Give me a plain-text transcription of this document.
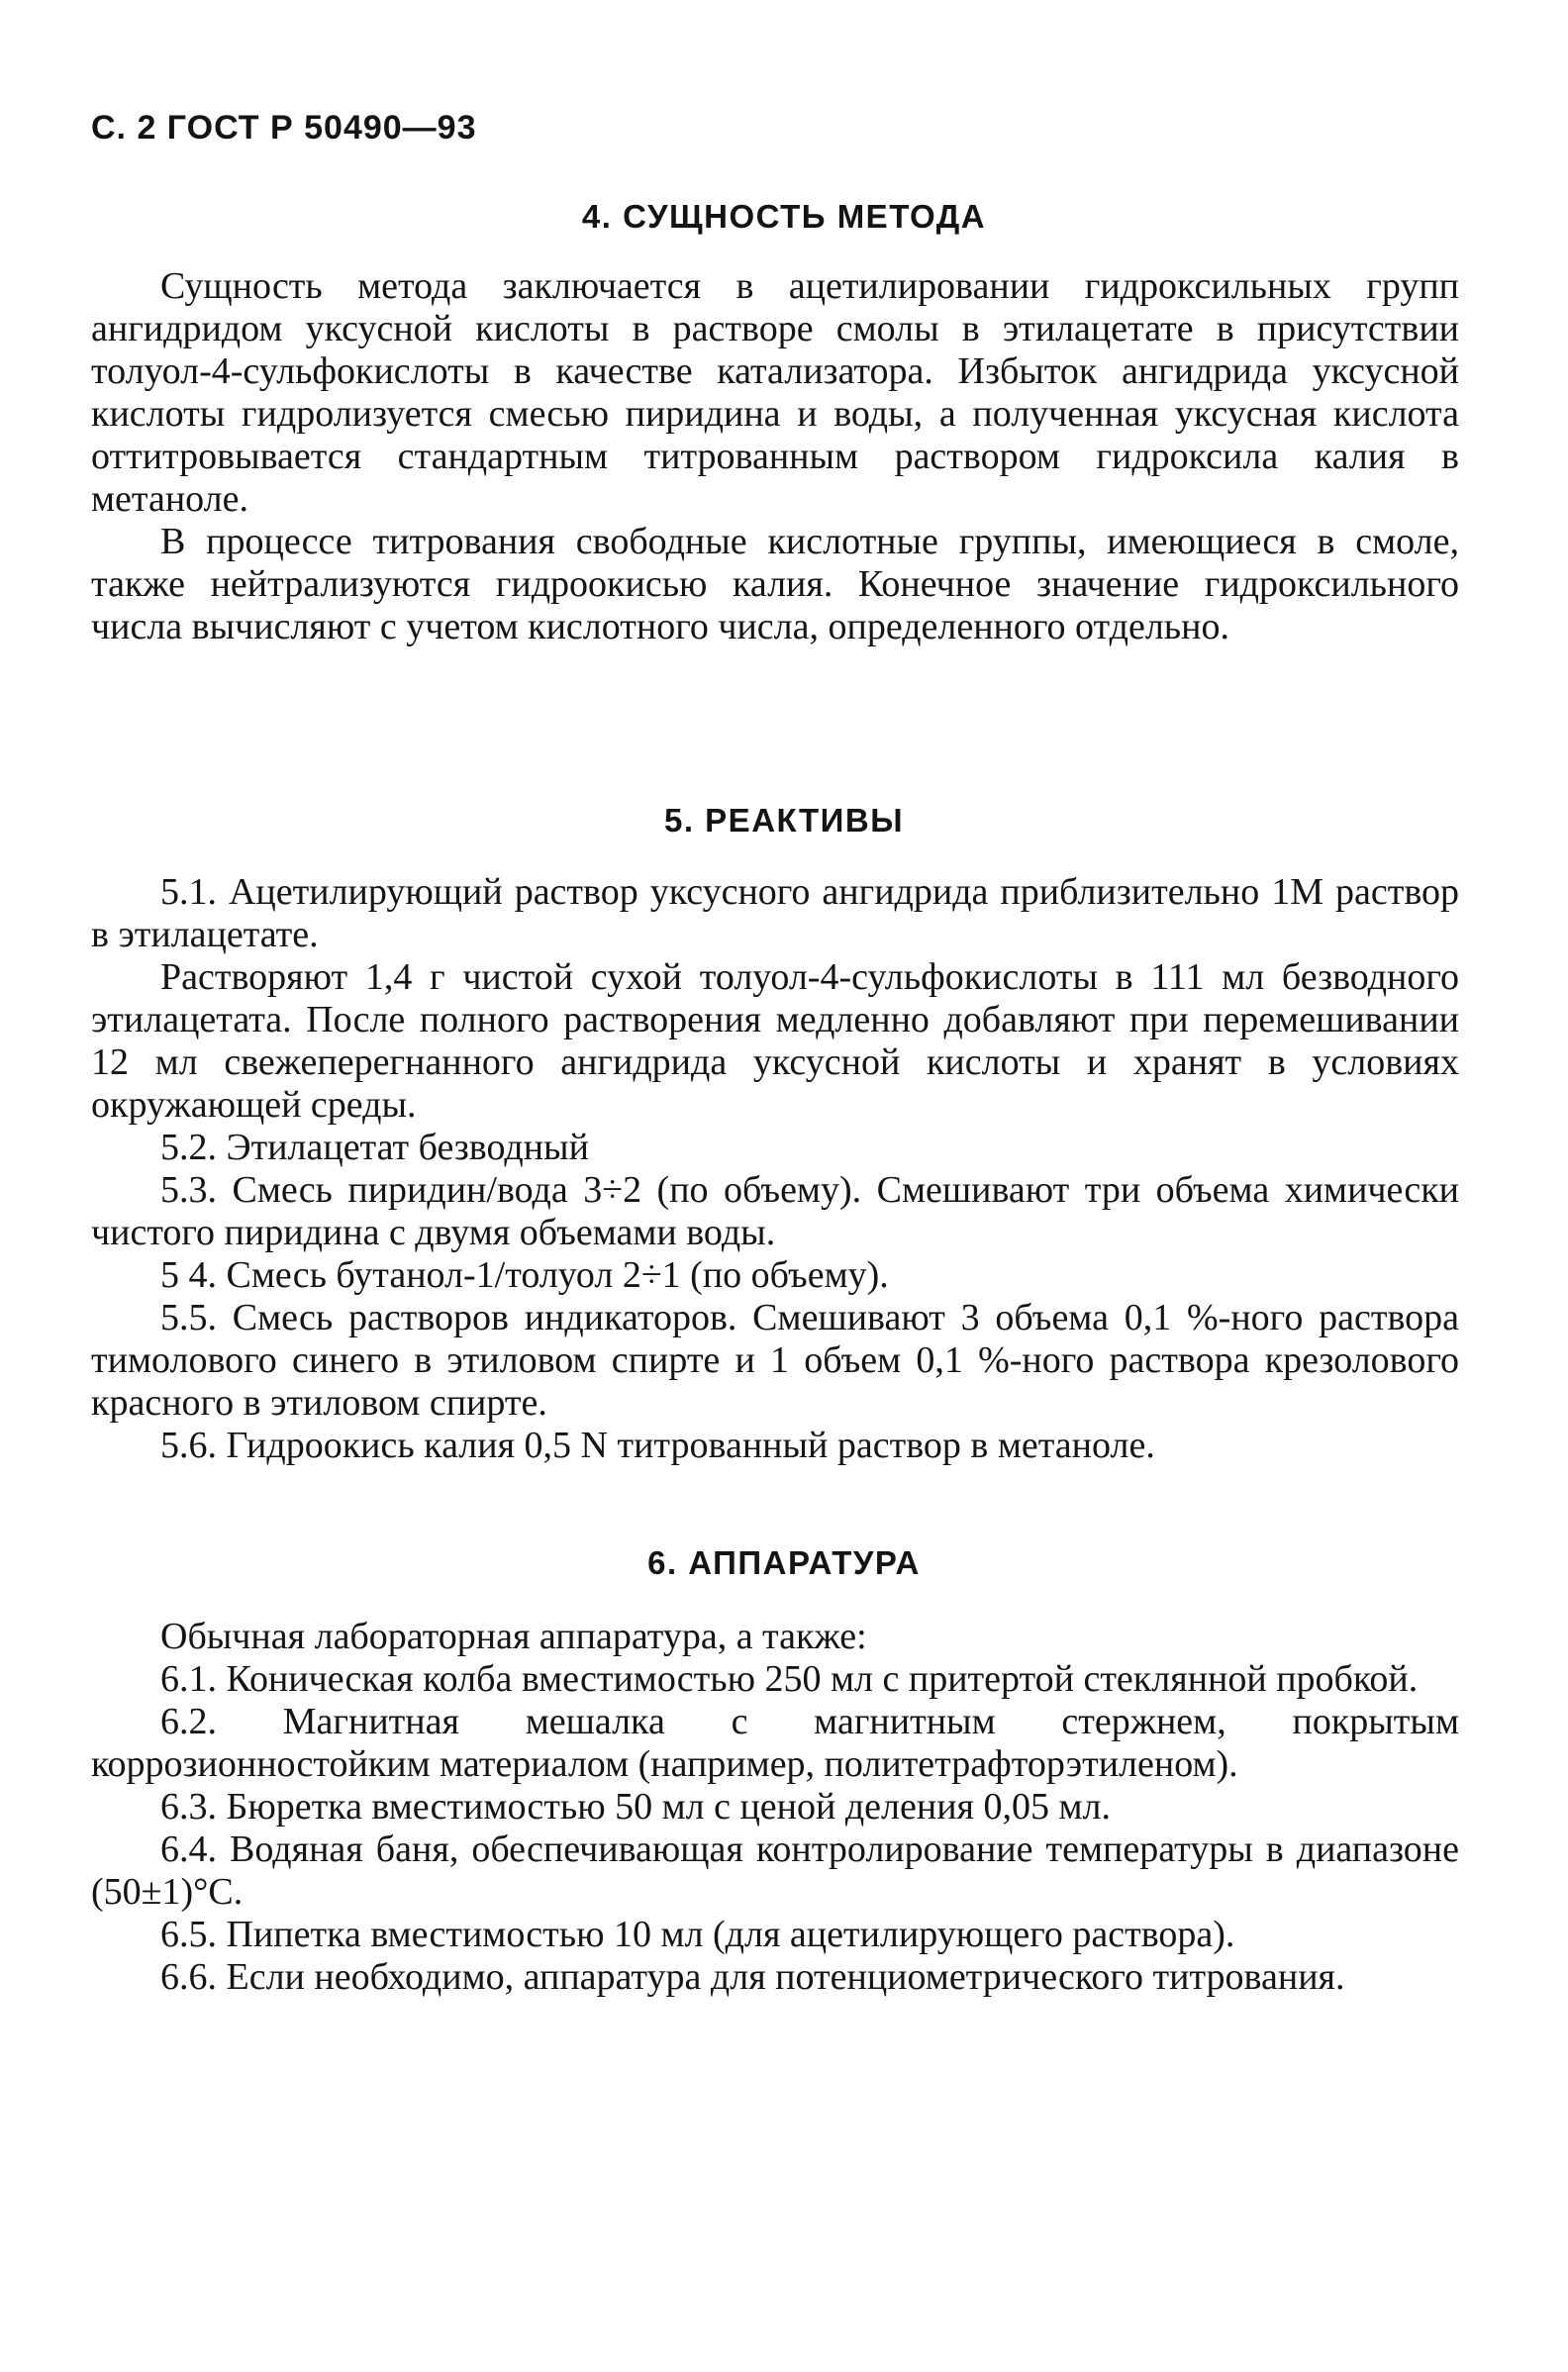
С. 2 ГОСТ Р 50490—93
4. СУЩНОСТЬ МЕТОДА

Сущность метода заключается в ацетилировании гидроксильных групп ангидридом уксусной кислоты в растворе смолы в этилацетате в присутствии толуол-4-сульфокислоты в качестве катализатора. Избыток ангидрида уксусной кислоты гидролизуется смесью пиридина и воды, а полученная уксусная кислота оттитровывается стандартным титрованным раствором гидроксила калия в метаноле.

В процессе титрования свободные кислотные группы, имеющиеся в смоле, также нейтрализуются гидроокисью калия. Конечное значение гидроксильного числа вычисляют с учетом кислотного числа, определенного отдельно.

5. РЕАКТИВЫ

5.1. Ацетилирующий раствор уксусного ангидрида приблизительно 1М раствор в этилацетате.

Растворяют 1,4 г чистой сухой толуол-4-сульфокислоты в 111 мл безводного этилацетата. После полного растворения медленно добавляют при перемешивании 12 мл свежеперегнанного ангидрида уксусной кислоты и хранят в условиях окружающей среды.

5.2. Этилацетат безводный

5.3. Смесь пиридин/вода 3÷2 (по объему). Смешивают три объема химически чистого пиридина с двумя объемами воды.

5 4. Смесь бутанол-1/толуол 2÷1 (по объему).

5.5. Смесь растворов индикаторов. Смешивают 3 объема 0,1 %-ного раствора тимолового синего в этиловом спирте и 1 объем 0,1 %-ного раствора крезолового красного в этиловом спирте.

5.6. Гидроокись калия 0,5 N титрованный раствор в метаноле.

6. АППАРАТУРА

Обычная лабораторная аппаратура, а также:

6.1. Коническая колба вместимостью 250 мл с притертой стеклянной пробкой.

6.2. Магнитная мешалка с магнитным стержнем, покрытым коррозионностойким материалом (например, политетрафторэтиленом).

6.3. Бюретка вместимостью 50 мл с ценой деления 0,05 мл.

6.4. Водяная баня, обеспечивающая контролирование температуры в диапазоне (50±1)°C.

6.5. Пипетка вместимостью 10 мл (для ацетилирующего раствора).

6.6. Если необходимо, аппаратура для потенциометрического титрования.
